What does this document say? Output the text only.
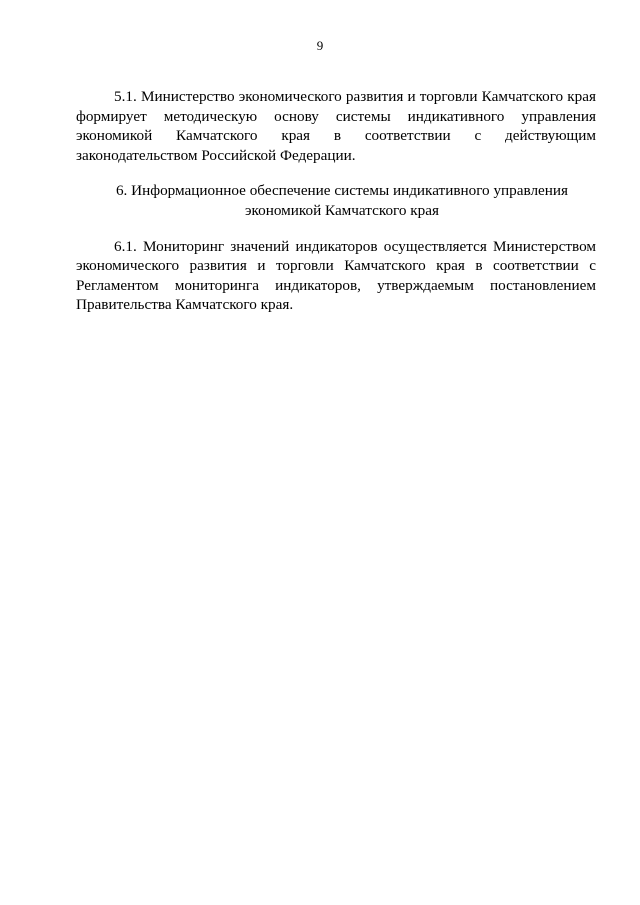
9

5.1. Министерство экономического развития и торговли Камчатского края формирует методическую основу системы индикативного управления экономикой Камчатского края в соответствии с действующим законодательством Российской Федерации.

6. Информационное обеспечение системы индикативного управления
экономикой Камчатского края

6.1. Мониторинг значений индикаторов осуществляется Министерством экономического развития и торговли Камчатского края в соответствии с Регламентом мониторинга индикаторов, утверждаемым постановлением Правительства Камчатского края.
